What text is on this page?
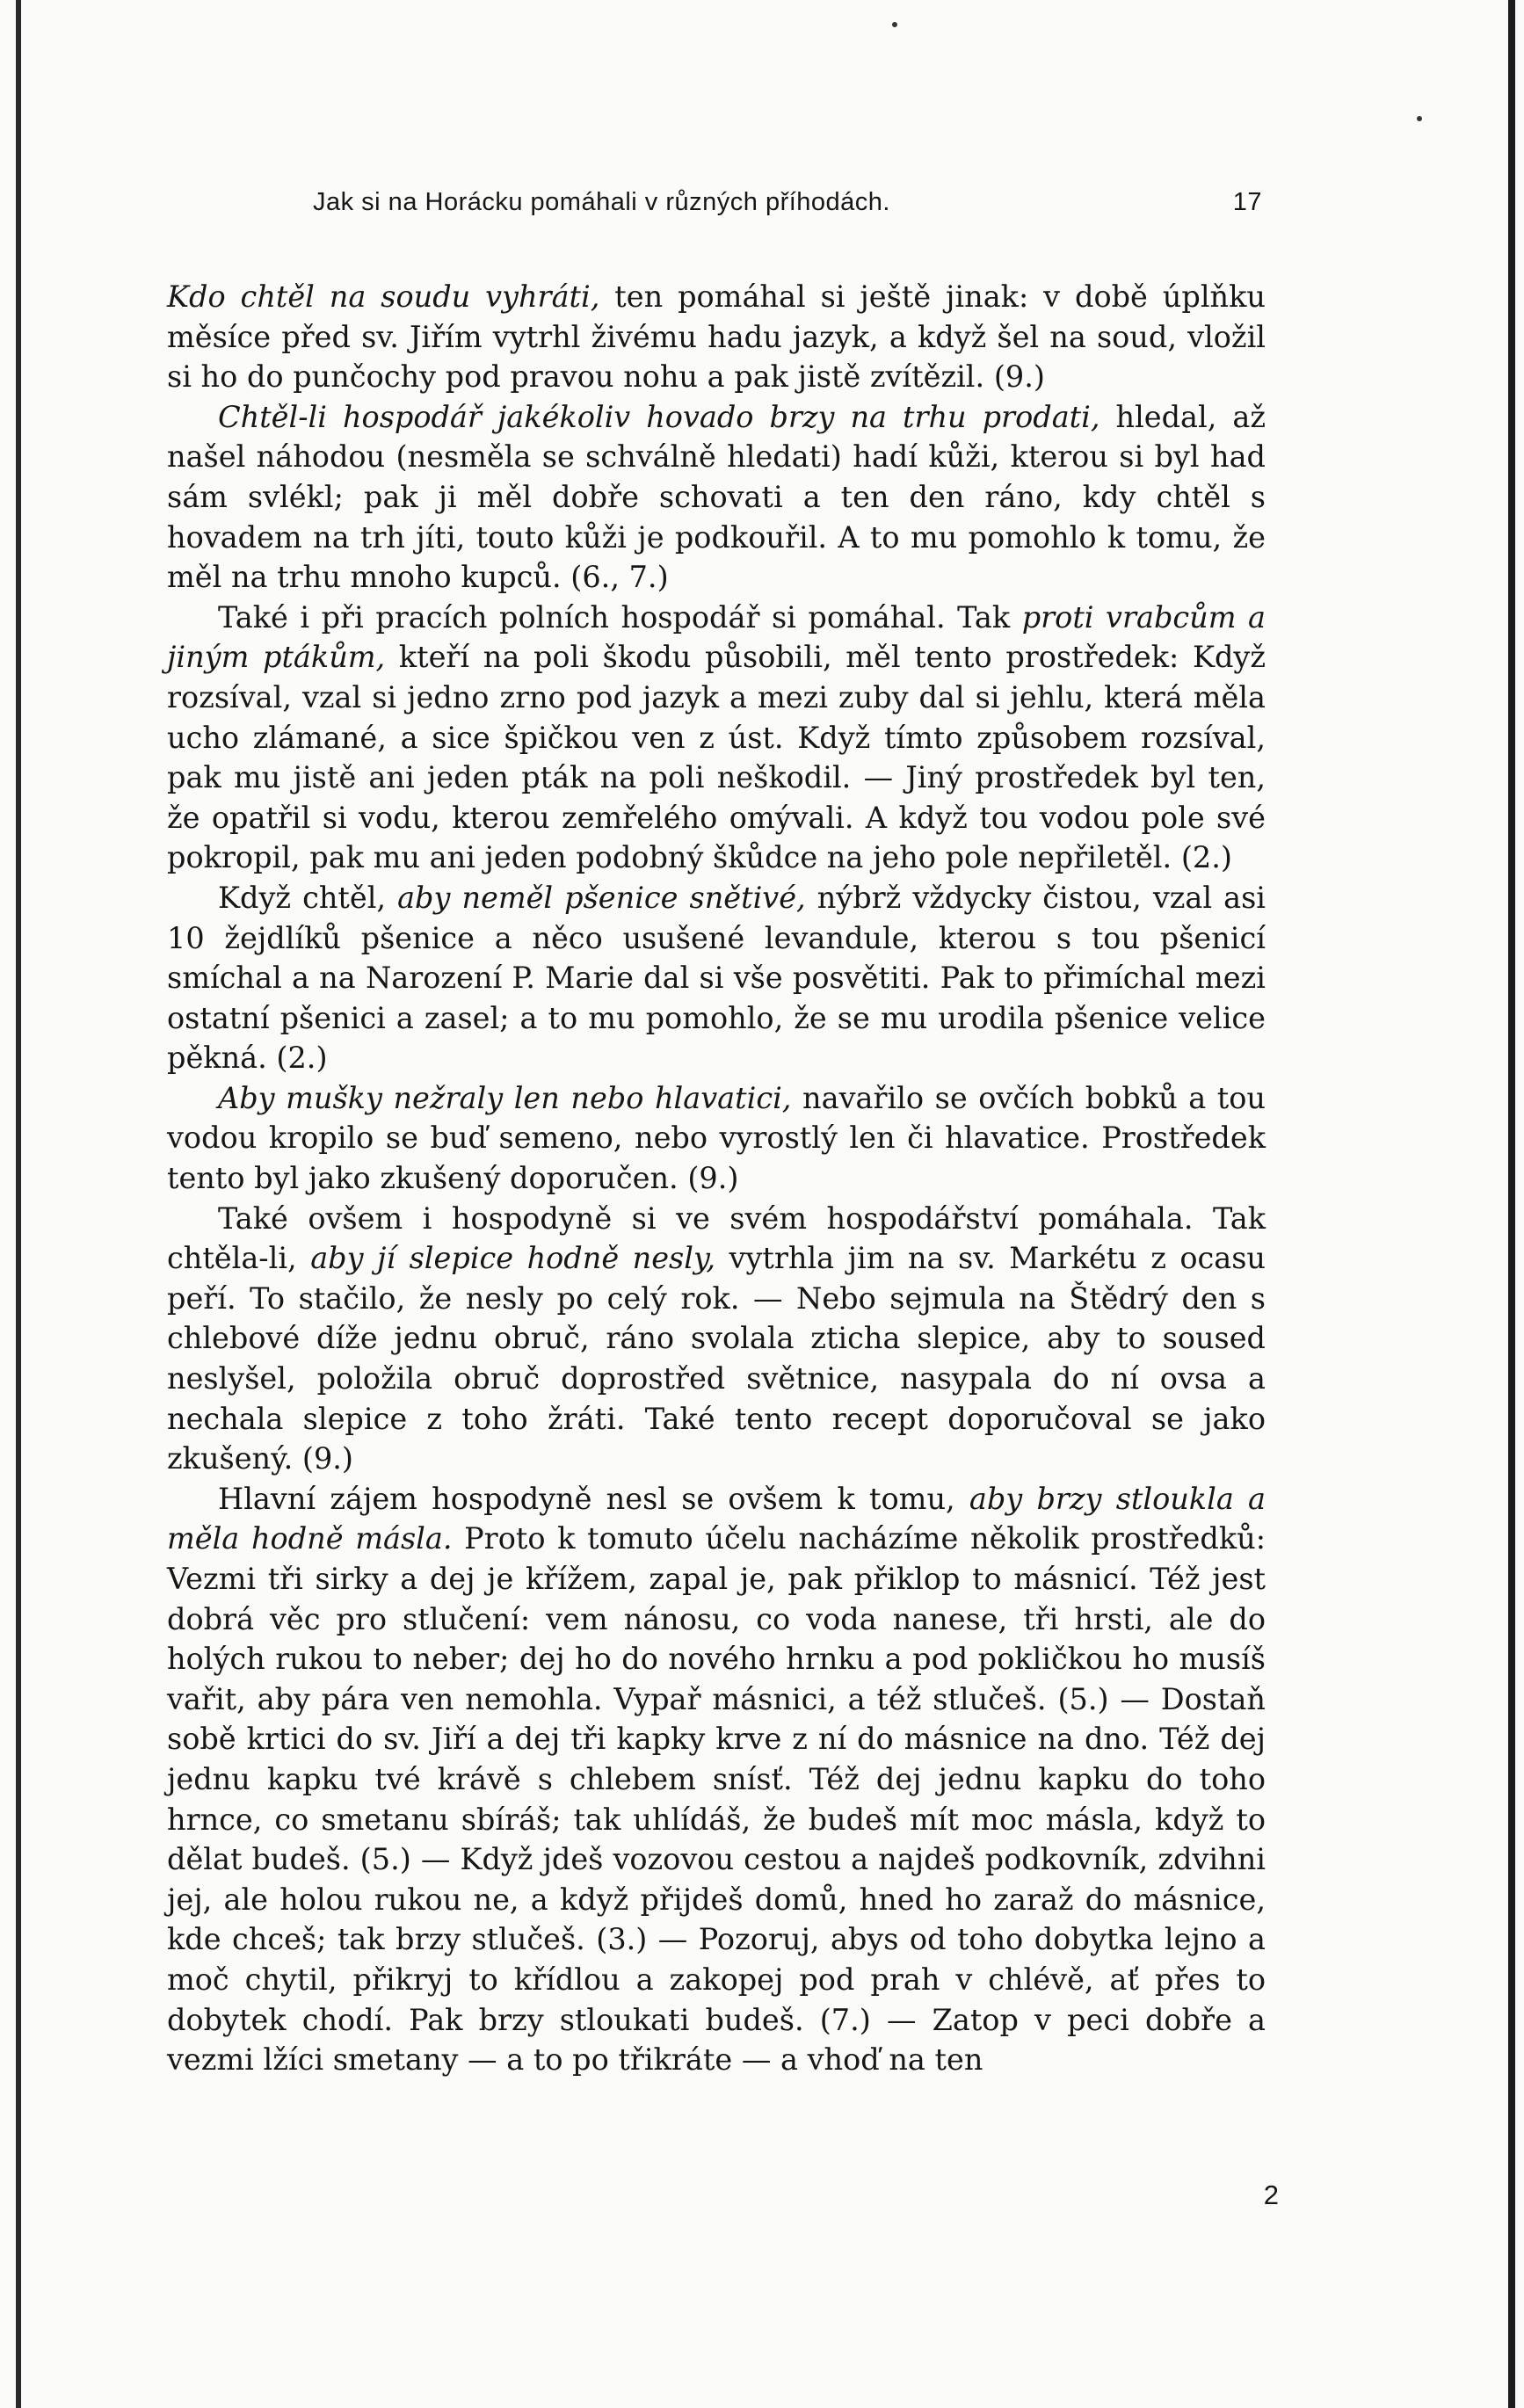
Jak si na Horácku pomáhali v různých příhodách.	17

Kdo chtěl na soudu vyhráti, ten pomáhal si ještě jinak: v době úplňku měsíce před sv. Jiřím vytrhl živému hadu jazyk, a když šel na soud, vložil si ho do punčochy pod pravou nohu a pak jistě zvítězil. (9.)

Chtěl-li hospodář jakékoliv hovado brzy na trhu prodati, hledal, až našel náhodou (nesměla se schválně hledati) hadí kůži, kterou si byl had sám svlékl; pak ji měl dobře schovati a ten den ráno, kdy chtěl s hovadem na trh jíti, touto kůži je podkouřil. A to mu pomohlo k tomu, že měl na trhu mnoho kupců. (6., 7.)

Také i při pracích polních hospodář si pomáhal. Tak proti vrabcům a jiným ptákům, kteří na poli škodu působili, měl tento prostředek: Když rozsíval, vzal si jedno zrno pod jazyk a mezi zuby dal si jehlu, která měla ucho zlámané, a sice špičkou ven z úst. Když tímto způsobem rozsíval, pak mu jistě ani jeden pták na poli neškodil. — Jiný prostředek byl ten, že opatřil si vodu, kterou zemřelého omývali. A když tou vodou pole své pokropil, pak mu ani jeden podobný škůdce na jeho pole nepřiletěl. (2.)

Když chtěl, aby neměl pšenice snětivé, nýbrž vždycky čistou, vzal asi 10 žejdlíků pšenice a něco usušené levandule, kterou s tou pšenicí smíchal a na Narození P. Marie dal si vše posvětiti. Pak to přimíchal mezi ostatní pšenici a zasel; a to mu pomohlo, že se mu urodila pšenice velice pěkná. (2.)

Aby mušky nežraly len nebo hlavatici, navařilo se ovčích bobků a tou vodou kropilo se buď semeno, nebo vyrostlý len či hlavatice. Prostředek tento byl jako zkušený doporučen. (9.)

Také ovšem i hospodyně si ve svém hospodářství pomáhala. Tak chtěla-li, aby jí slepice hodně nesly, vytrhla jim na sv. Markétu z ocasu peří. To stačilo, že nesly po celý rok. — Nebo sejmula na Štědrý den s chlebové díže jednu obruč, ráno svolala zticha slepice, aby to soused neslyšel, položila obruč doprostřed světnice, nasypala do ní ovsa a nechala slepice z toho žráti. Také tento recept doporučoval se jako zkušený. (9.)

Hlavní zájem hospodyně nesl se ovšem k tomu, aby brzy stloukla a měla hodně másla. Proto k tomuto účelu nacházíme několik prostředků: Vezmi tři sirky a dej je křížem, zapal je, pak přiklop to másnicí. Též jest dobrá věc pro stlučení: vem nánosu, co voda nanese, tři hrsti, ale do holých rukou to neber; dej ho do nového hrnku a pod pokličkou ho musíš vařit, aby pára ven nemohla. Vypař másnici, a též stlučeš. (5.) — Dostaň sobě krtici do sv. Jiří a dej tři kapky krve z ní do másnice na dno. Též dej jednu kapku tvé krávě s chlebem snísť. Též dej jednu kapku do toho hrnce, co smetanu sbíráš; tak uhlídáš, že budeš mít moc másla, když to dělat budeš. (5.) — Když jdeš vozovou cestou a najdeš podkovník, zdvihni jej, ale holou rukou ne, a když přijdeš domů, hned ho zaraž do másnice, kde chceš; tak brzy stlučeš. (3.) — Pozoruj, abys od toho dobytka lejno a moč chytil, přikryj to křídlou a zakopej pod prah v chlévě, ať přes to dobytek chodí. Pak brzy stloukati budeš. (7.) — Zatop v peci dobře a vezmi lžíci smetany — a to po třikráte — a vhoď na ten

2
